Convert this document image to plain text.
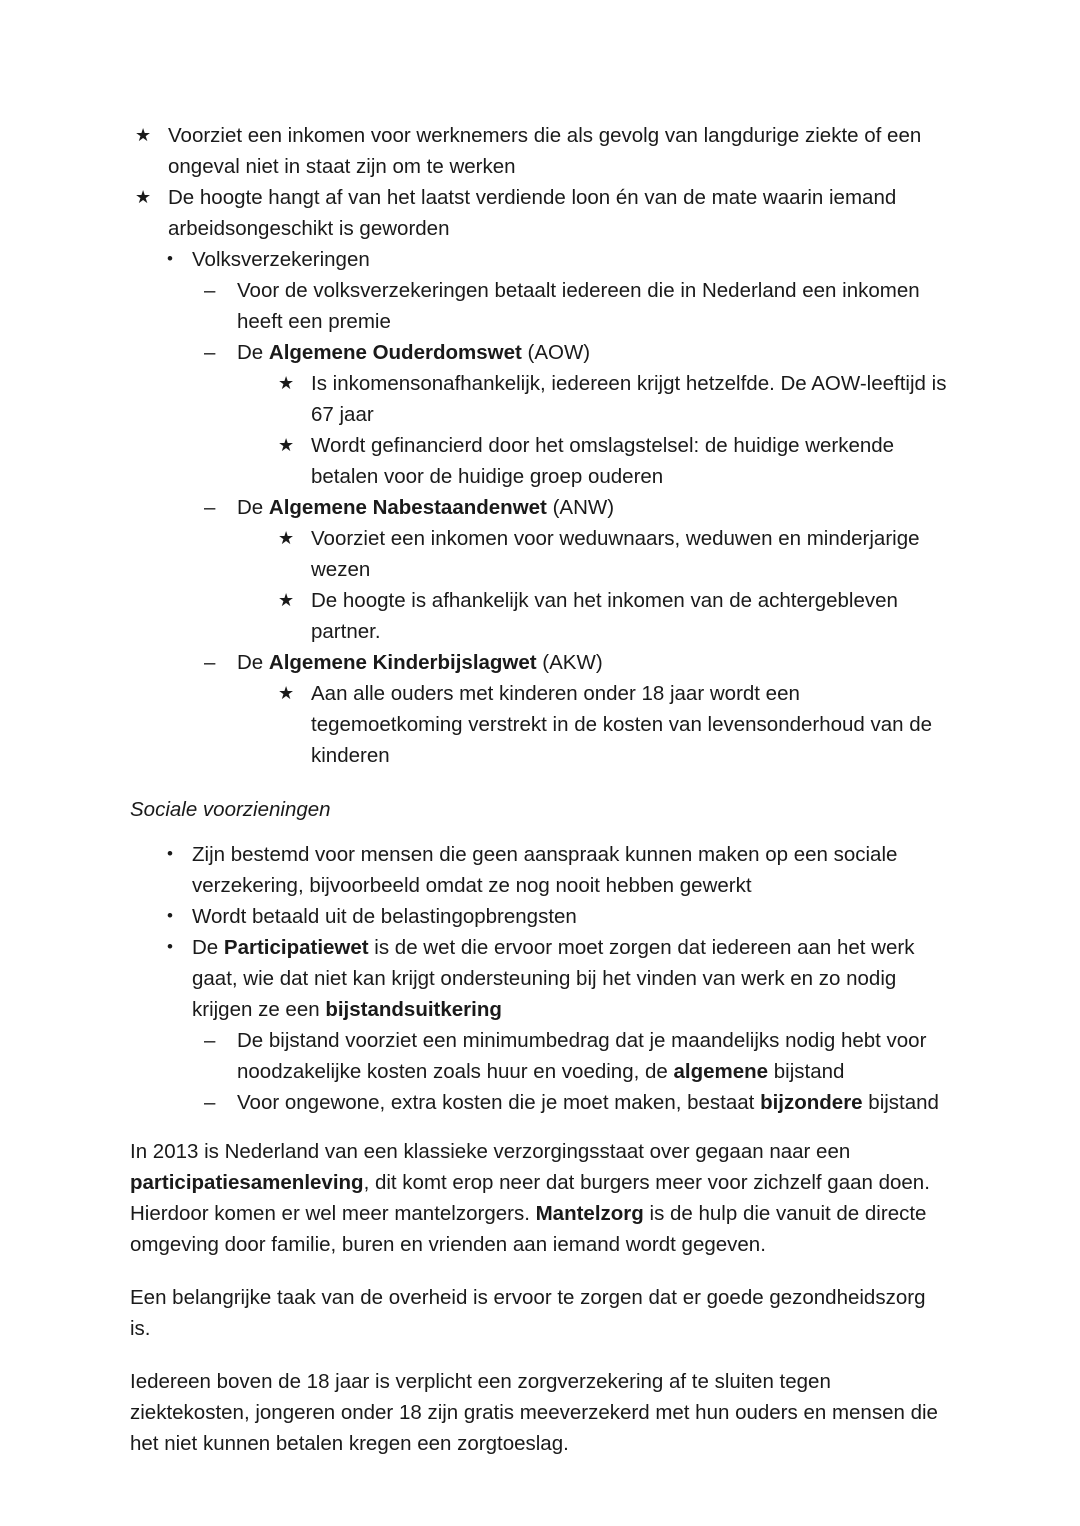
★ Voorziet een inkomen voor werknemers die als gevolg van langdurige ziekte of een ongeval niet in staat zijn om te werken
★ De hoogte hangt af van het laatst verdiende loon én van de mate waarin iemand arbeidsongeschikt is geworden
• Volksverzekeringen
–	Voor de volksverzekeringen betaalt iedereen die in Nederland een inkomen heeft een premie
–	De Algemene Ouderdomswet (AOW)
★ Is inkomensonafhankelijk, iedereen krijgt hetzelfde. De AOW-leeftijd is 67 jaar
★ Wordt gefinancierd door het omslagstelsel: de huidige werkende betalen voor de huidige groep ouderen
–	De Algemene Nabestaandenwet (ANW)
★ Voorziet een inkomen voor weduwnaars, weduwen en minderjarige wezen
★ De hoogte is afhankelijk van het inkomen van de achtergebleven partner.
–	De Algemene Kinderbijslagwet (AKW)
★ Aan alle ouders met kinderen onder 18 jaar wordt een tegemoetkoming verstrekt in de kosten van levensonderhoud van de kinderen
Sociale voorzieningen
• Zijn bestemd voor mensen die geen aanspraak kunnen maken op een sociale verzekering, bijvoorbeeld omdat ze nog nooit hebben gewerkt
• Wordt betaald uit de belastingopbrengsten
• De Participatiewet is de wet die ervoor moet zorgen dat iedereen aan het werk gaat, wie dat niet kan krijgt ondersteuning bij het vinden van werk en zo nodig krijgen ze een bijstandsuitkering
–	De bijstand voorziet een minimumbedrag dat je maandelijks nodig hebt voor noodzakelijke kosten zoals huur en voeding, de algemene bijstand
–	Voor ongewone, extra kosten die je moet maken, bestaat bijzondere bijstand

In 2013 is Nederland van een klassieke verzorgingsstaat over gegaan naar een participatiesamenleving, dit komt erop neer dat burgers meer voor zichzelf gaan doen. Hierdoor komen er wel meer mantelzorgers. Mantelzorg is de hulp die vanuit de directe omgeving door familie, buren en vrienden aan iemand wordt gegeven.

Een belangrijke taak van de overheid is ervoor te zorgen dat er goede gezondheidszorg is.

Iedereen boven de 18 jaar is verplicht een zorgverzekering af te sluiten tegen ziektekosten, jongeren onder 18 zijn gratis meeverzekerd met hun ouders en mensen die het niet kunnen betalen kregen een zorgtoeslag.
